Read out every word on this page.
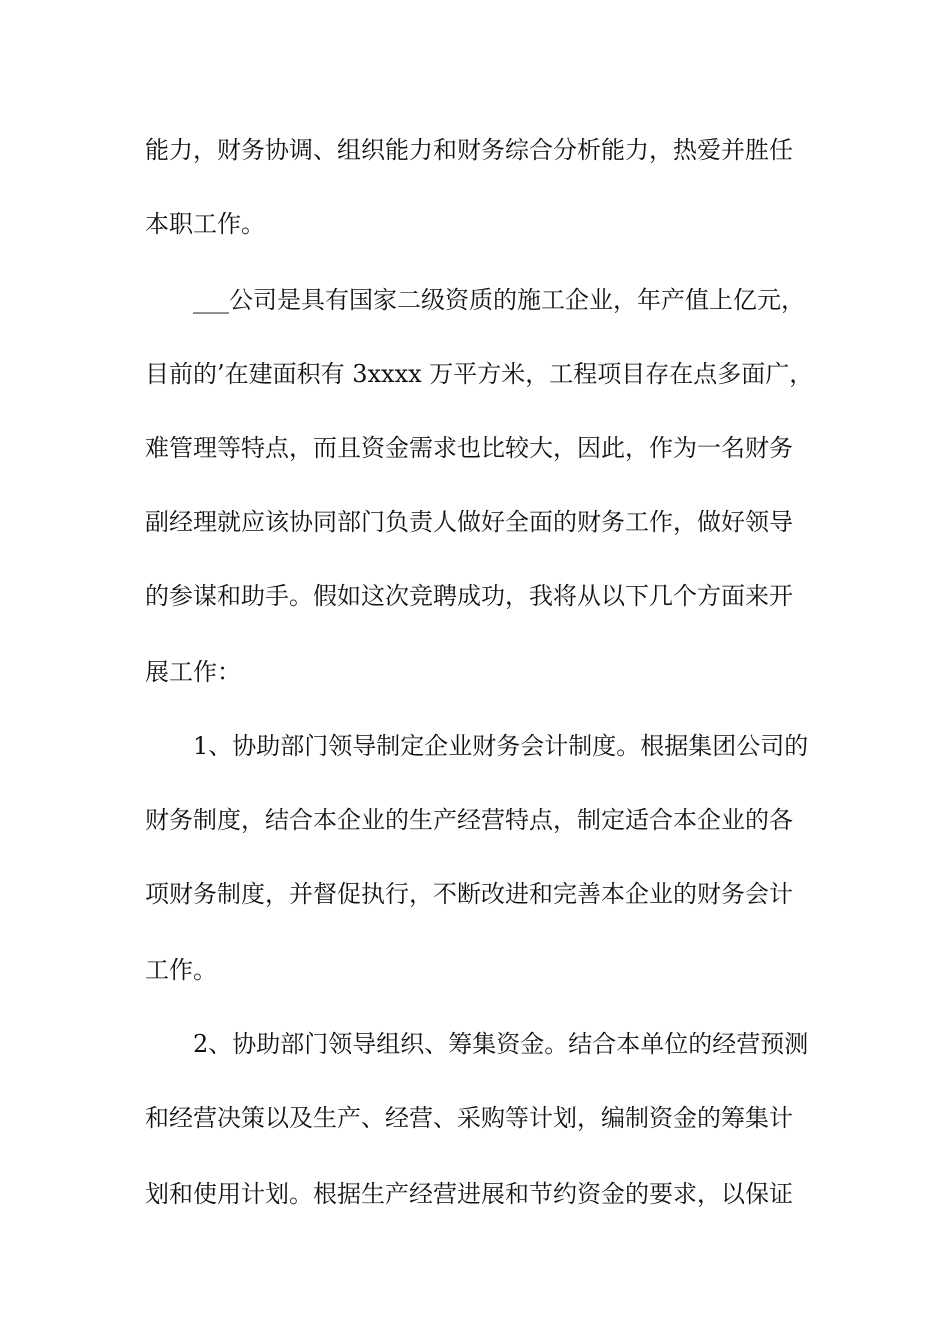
能力，财务协调、组织能力和财务综合分析能力，热爱并胜任
本职工作。
___公司是具有国家二级资质的施工企业，年产值上亿元，
目前的’在建面积有 3xxxx 万平方米，工程项目存在点多面广，
难管理等特点，而且资金需求也比较大，因此，作为一名财务
副经理就应该协同部门负责人做好全面的财务工作，做好领导
的参谋和助手。假如这次竞聘成功，我将从以下几个方面来开
展工作：
1、协助部门领导制定企业财务会计制度。根据集团公司的
财务制度，结合本企业的生产经营特点，制定适合本企业的各
项财务制度，并督促执行，不断改进和完善本企业的财务会计
工作。
2、协助部门领导组织、筹集资金。结合本单位的经营预测
和经营决策以及生产、经营、采购等计划，编制资金的筹集计
划和使用计划。根据生产经营进展和节约资金的要求，以保证
